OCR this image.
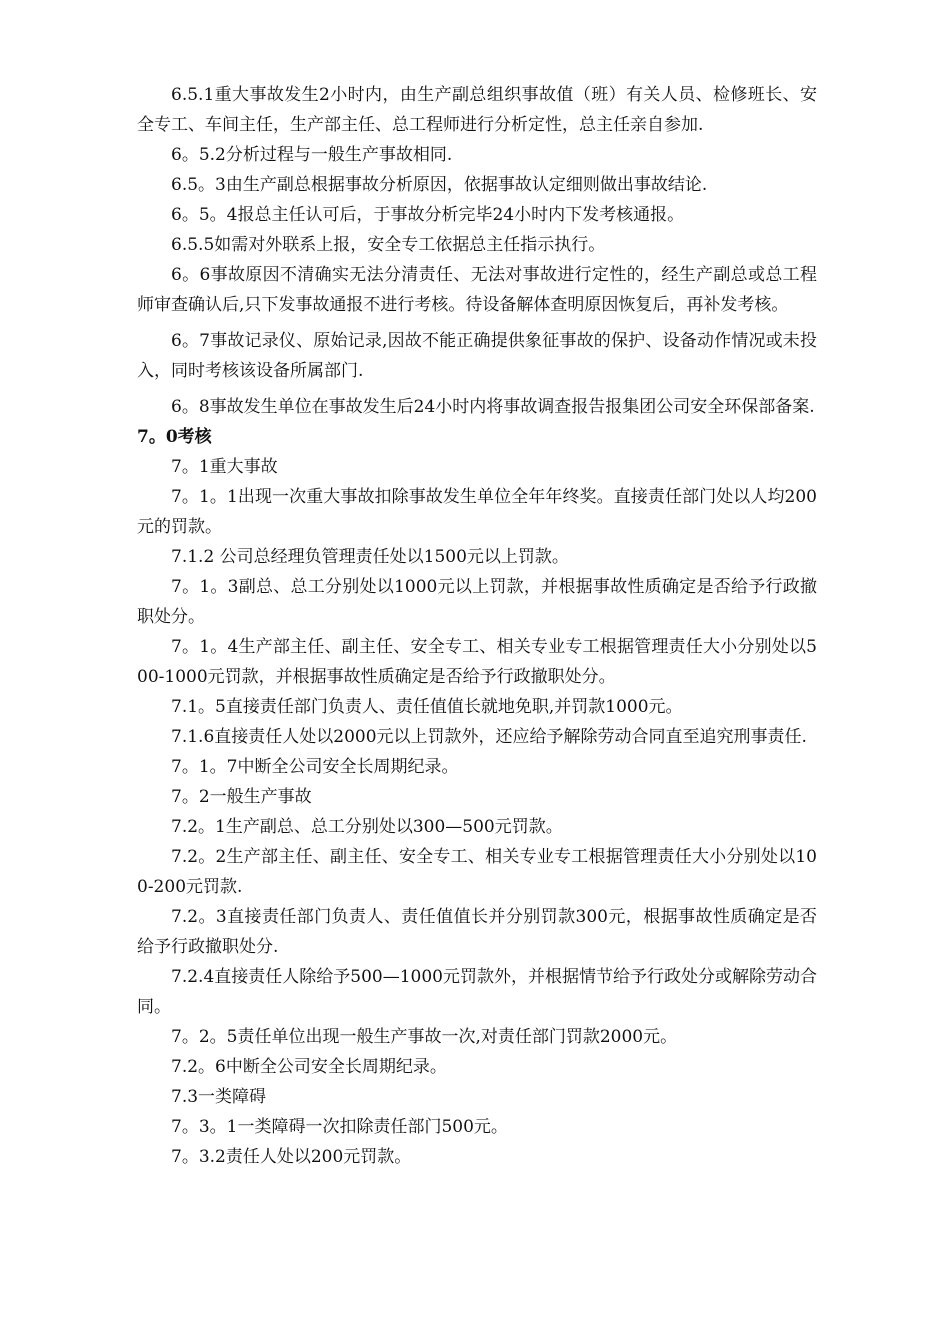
6.5.1重大事故发生2小时内，由生产副总组织事故值（班）有关人员、检修班长、安全专工、车间主任，生产部主任、总工程师进行分析定性，总主任亲自参加.

6。5.2分析过程与一般生产事故相同.

6.5。3由生产副总根据事故分析原因，依据事故认定细则做出事故结论.

6。5。4报总主任认可后，于事故分析完毕24小时内下发考核通报。

6.5.5如需对外联系上报，安全专工依据总主任指示执行。

6。6事故原因不清确实无法分清责任、无法对事故进行定性的，经生产副总或总工程师审查确认后,只下发事故通报不进行考核。待设备解体查明原因恢复后，再补发考核。

6。7事故记录仪、原始记录,因故不能正确提供象征事故的保护、设备动作情况或未投入，同时考核该设备所属部门.

6。8事故发生单位在事故发生后24小时内将事故调查报告报集团公司安全环保部备案.

7。0考核

7。1重大事故

7。1。1出现一次重大事故扣除事故发生单位全年年终奖。直接责任部门处以人均200元的罚款。

7.1.2 公司总经理负管理责任处以1500元以上罚款。

7。1。3副总、总工分别处以1000元以上罚款，并根据事故性质确定是否给予行政撤职处分。

7。1。4生产部主任、副主任、安全专工、相关专业专工根据管理责任大小分别处以500-1000元罚款，并根据事故性质确定是否给予行政撤职处分。

7.1。5直接责任部门负责人、责任值值长就地免职,并罚款1000元。

7.1.6直接责任人处以2000元以上罚款外，还应给予解除劳动合同直至追究刑事责任.

7。1。7中断全公司安全长周期纪录。

7。2一般生产事故

7.2。1生产副总、总工分别处以300—500元罚款。

7.2。2生产部主任、副主任、安全专工、相关专业专工根据管理责任大小分别处以100-200元罚款.

7.2。3直接责任部门负责人、责任值值长并分别罚款300元，根据事故性质确定是否给予行政撤职处分.

7.2.4直接责任人除给予500—1000元罚款外，并根据情节给予行政处分或解除劳动合同。

7。2。5责任单位出现一般生产事故一次,对责任部门罚款2000元。

7.2。6中断全公司安全长周期纪录。

7.3一类障碍

7。3。1一类障碍一次扣除责任部门500元。

7。3.2责任人处以200元罚款。
